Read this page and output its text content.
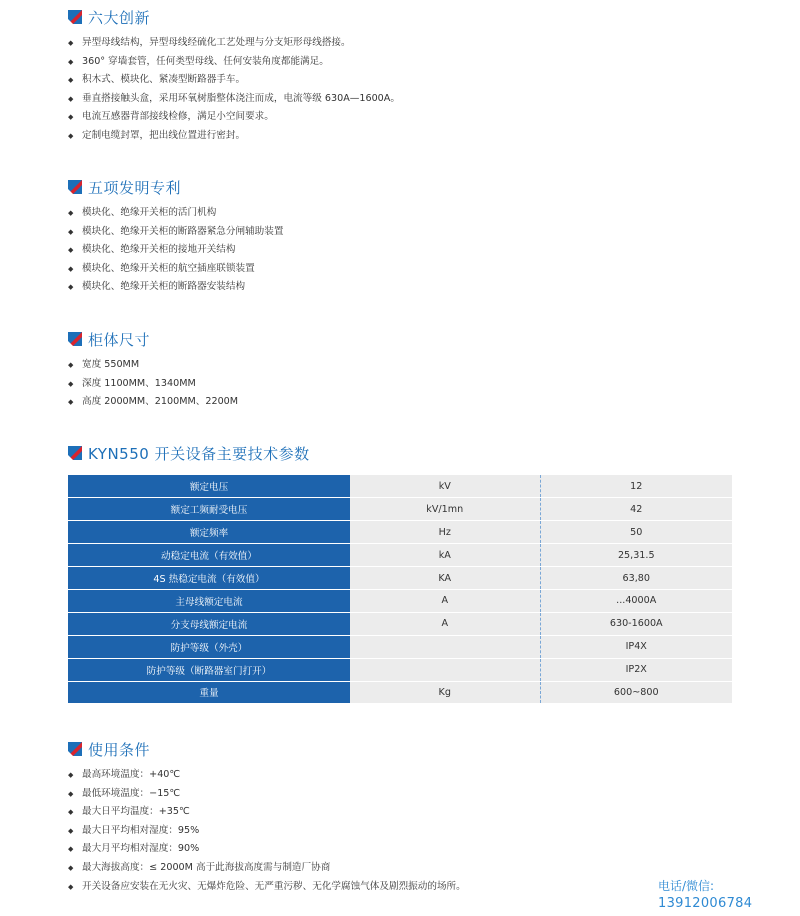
六大创新
◆ 异型母线结构，异型母线经硫化工艺处理与分支矩形母线搭接。
◆ 360° 穿墙套管，任何类型母线、任何安装角度都能满足。
◆ 积木式、模块化、紧凑型断路器手车。
◆ 垂直搭接触头盒，采用环氧树脂整体浇注而成，电流等级 630A—1600A。
◆ 电流互感器背部接线检修，满足小空间要求。
◆ 定制电缆封罩，把出线位置进行密封。
五项发明专利
◆ 模块化、绝缘开关柜的活门机构
◆ 模块化、绝缘开关柜的断路器紧急分闸辅助装置
◆ 模块化、绝缘开关柜的接地开关结构
◆ 模块化、绝缘开关柜的航空插座联锁装置
◆ 模块化、绝缘开关柜的断路器安装结构
柜体尺寸
◆ 宽度 550MM
◆ 深度 1100MM、1340MM
◆ 高度 2000MM、2100MM、2200M
KYN550 开关设备主要技术参数
额定电压	kV	12
额定工频耐受电压	kV/1mn	42
额定频率	Hz	50
动稳定电流（有效值）	kA	25,31.5
4S 热稳定电流（有效值）	KA	63,80
主母线额定电流	A	...4000A
分支母线额定电流	A	630-1600A
防护等级（外壳）		IP4X
防护等级（断路器室门打开）		IP2X
重量	Kg	600~800
使用条件
◆ 最高环境温度：+40℃
◆ 最低环境温度：−15℃
◆ 最大日平均温度：+35℃
◆ 最大日平均相对湿度：95%
◆ 最大月平均相对湿度：90%
◆ 最大海拔高度：≤ 2000M 高于此海拔高度需与制造厂协商
◆ 开关设备应安装在无火灾、无爆炸危险、无严重污秽、无化学腐蚀气体及剧烈振动的场所。	电话/微信:
13912006784
